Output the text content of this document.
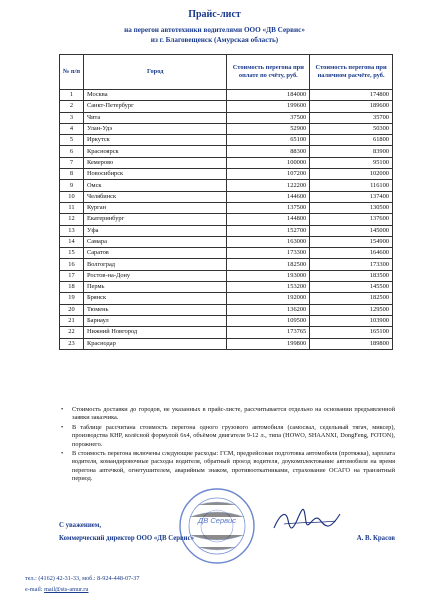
Прайс-лист
на перегон автотехники водителями ООО «ДВ Сервис»
из г. Благовещенск (Амурская область)
№ п/п	Город	Стоимость перегона при оплате по счёту, руб.	Стоимость перегона при наличном расчёте, руб.
1	Москва	184000	174800
2	Санкт-Петербург	199600	189600
3	Чита	37500	35700
4	Улан-Удэ	52900	50300
5	Иркутск	65100	61800
6	Красноярск	88300	83900
7	Кемерово	100000	95100
8	Новосибирск	107200	102000
9	Омск	122200	116100
10	Челябинск	144600	137400
11	Курган	137500	130500
12	Екатеринбург	144800	137600
13	Уфа	152700	145000
14	Самара	163000	154900
15	Саратов	173300	164600
16	Волгоград	182500	173300
17	Ростов-на-Дону	193000	183500
18	Пермь	153200	145500
19	Брянск	192000	182500
20	Тюмень	136200	129500
21	Барнаул	109500	103900
22	Нижний Новгород	173765	165100
23	Краснодар	199800	189800
• Стоимость доставки до городов, не указанных в прайс-листе, рассчитывается отдельно на основании предъявленной заявки заказчика.
• В таблице рассчитана стоимость перегона одного грузового автомобиля (самосвал, седельный тягач, миксер), производства КНР, колёсной формулой 6х4, объёмом двигателя 9-12 л., типа (HOWO, SHAANXI, DongFeng, FOTON), порожнего.
• В стоимость перегона включены следующие расходы: ГСМ, предрейсовая подготовка автомобиля (протяжка), зарплата водителя, командировочные расходы водителя, обратный проезд водителя, доукомплектование автомобиля на время перегона аптечкой, огнетушителем, аварийным знаком, противооткатниками, страхование ОСАГО на транзитный период.
С уважением,
Коммерческий директор ООО «ДВ Сервис»	А. В. Красов
ДВ Сервис
тел.: (4162) 42-31-33, моб.: 8-924-448-07-37
e-mail: mail@sts-amur.ru
